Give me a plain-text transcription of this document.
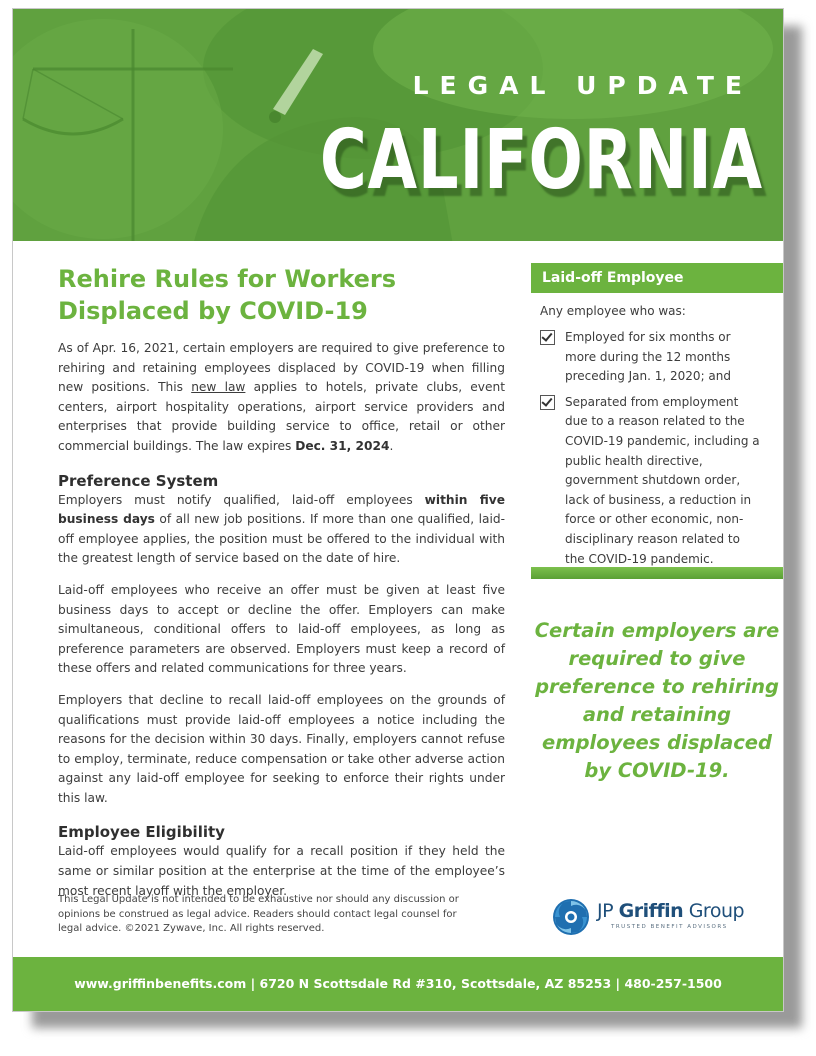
LEGAL UPDATE
CALIFORNIA
Rehire Rules for Workers Displaced by COVID-19

As of Apr. 16, 2021, certain employers are required to give preference to rehiring and retaining employees displaced by COVID-19 when filling new positions. This new law applies to hotels, private clubs, event centers, airport hospitality operations, airport service providers and enterprises that provide building service to office, retail or other commercial buildings. The law expires Dec. 31, 2024.

Preference System

Employers must notify qualified, laid-off employees within five business days of all new job positions. If more than one qualified, laid-off employee applies, the position must be offered to the individual with the greatest length of service based on the date of hire.

Laid-off employees who receive an offer must be given at least five business days to accept or decline the offer. Employers can make simultaneous, conditional offers to laid-off employees, as long as preference parameters are observed. Employers must keep a record of these offers and related communications for three years.

Employers that decline to recall laid-off employees on the grounds of qualifications must provide laid-off employees a notice including the reasons for the decision within 30 days. Finally, employers cannot refuse to employ, terminate, reduce compensation or take other adverse action against any laid-off employee for seeking to enforce their rights under this law.

Employee Eligibility

Laid-off employees would qualify for a recall position if they held the same or similar position at the enterprise at the time of the employee’s most recent layoff with the employer.

Laid-off Employee
Any employee who was:
Employed for six months or more during the 12 months preceding Jan. 1, 2020; and
Separated from employment due to a reason related to the COVID-19 pandemic, including a public health directive, government shutdown order, lack of business, a reduction in force or other economic, non-disciplinary reason related to the COVID-19 pandemic.
Certain employers are required to give preference to rehiring and retaining employees displaced by COVID-19.
This Legal Update is not intended to be exhaustive nor should any discussion or opinions be construed as legal advice. Readers should contact legal counsel for legal advice. ©2021 Zywave, Inc. All rights reserved.
JP Griffin Group
TRUSTED BENEFIT ADVISORS
www.griffinbenefits.com | 6720 N Scottsdale Rd #310, Scottsdale, AZ 85253 | 480-257-1500
